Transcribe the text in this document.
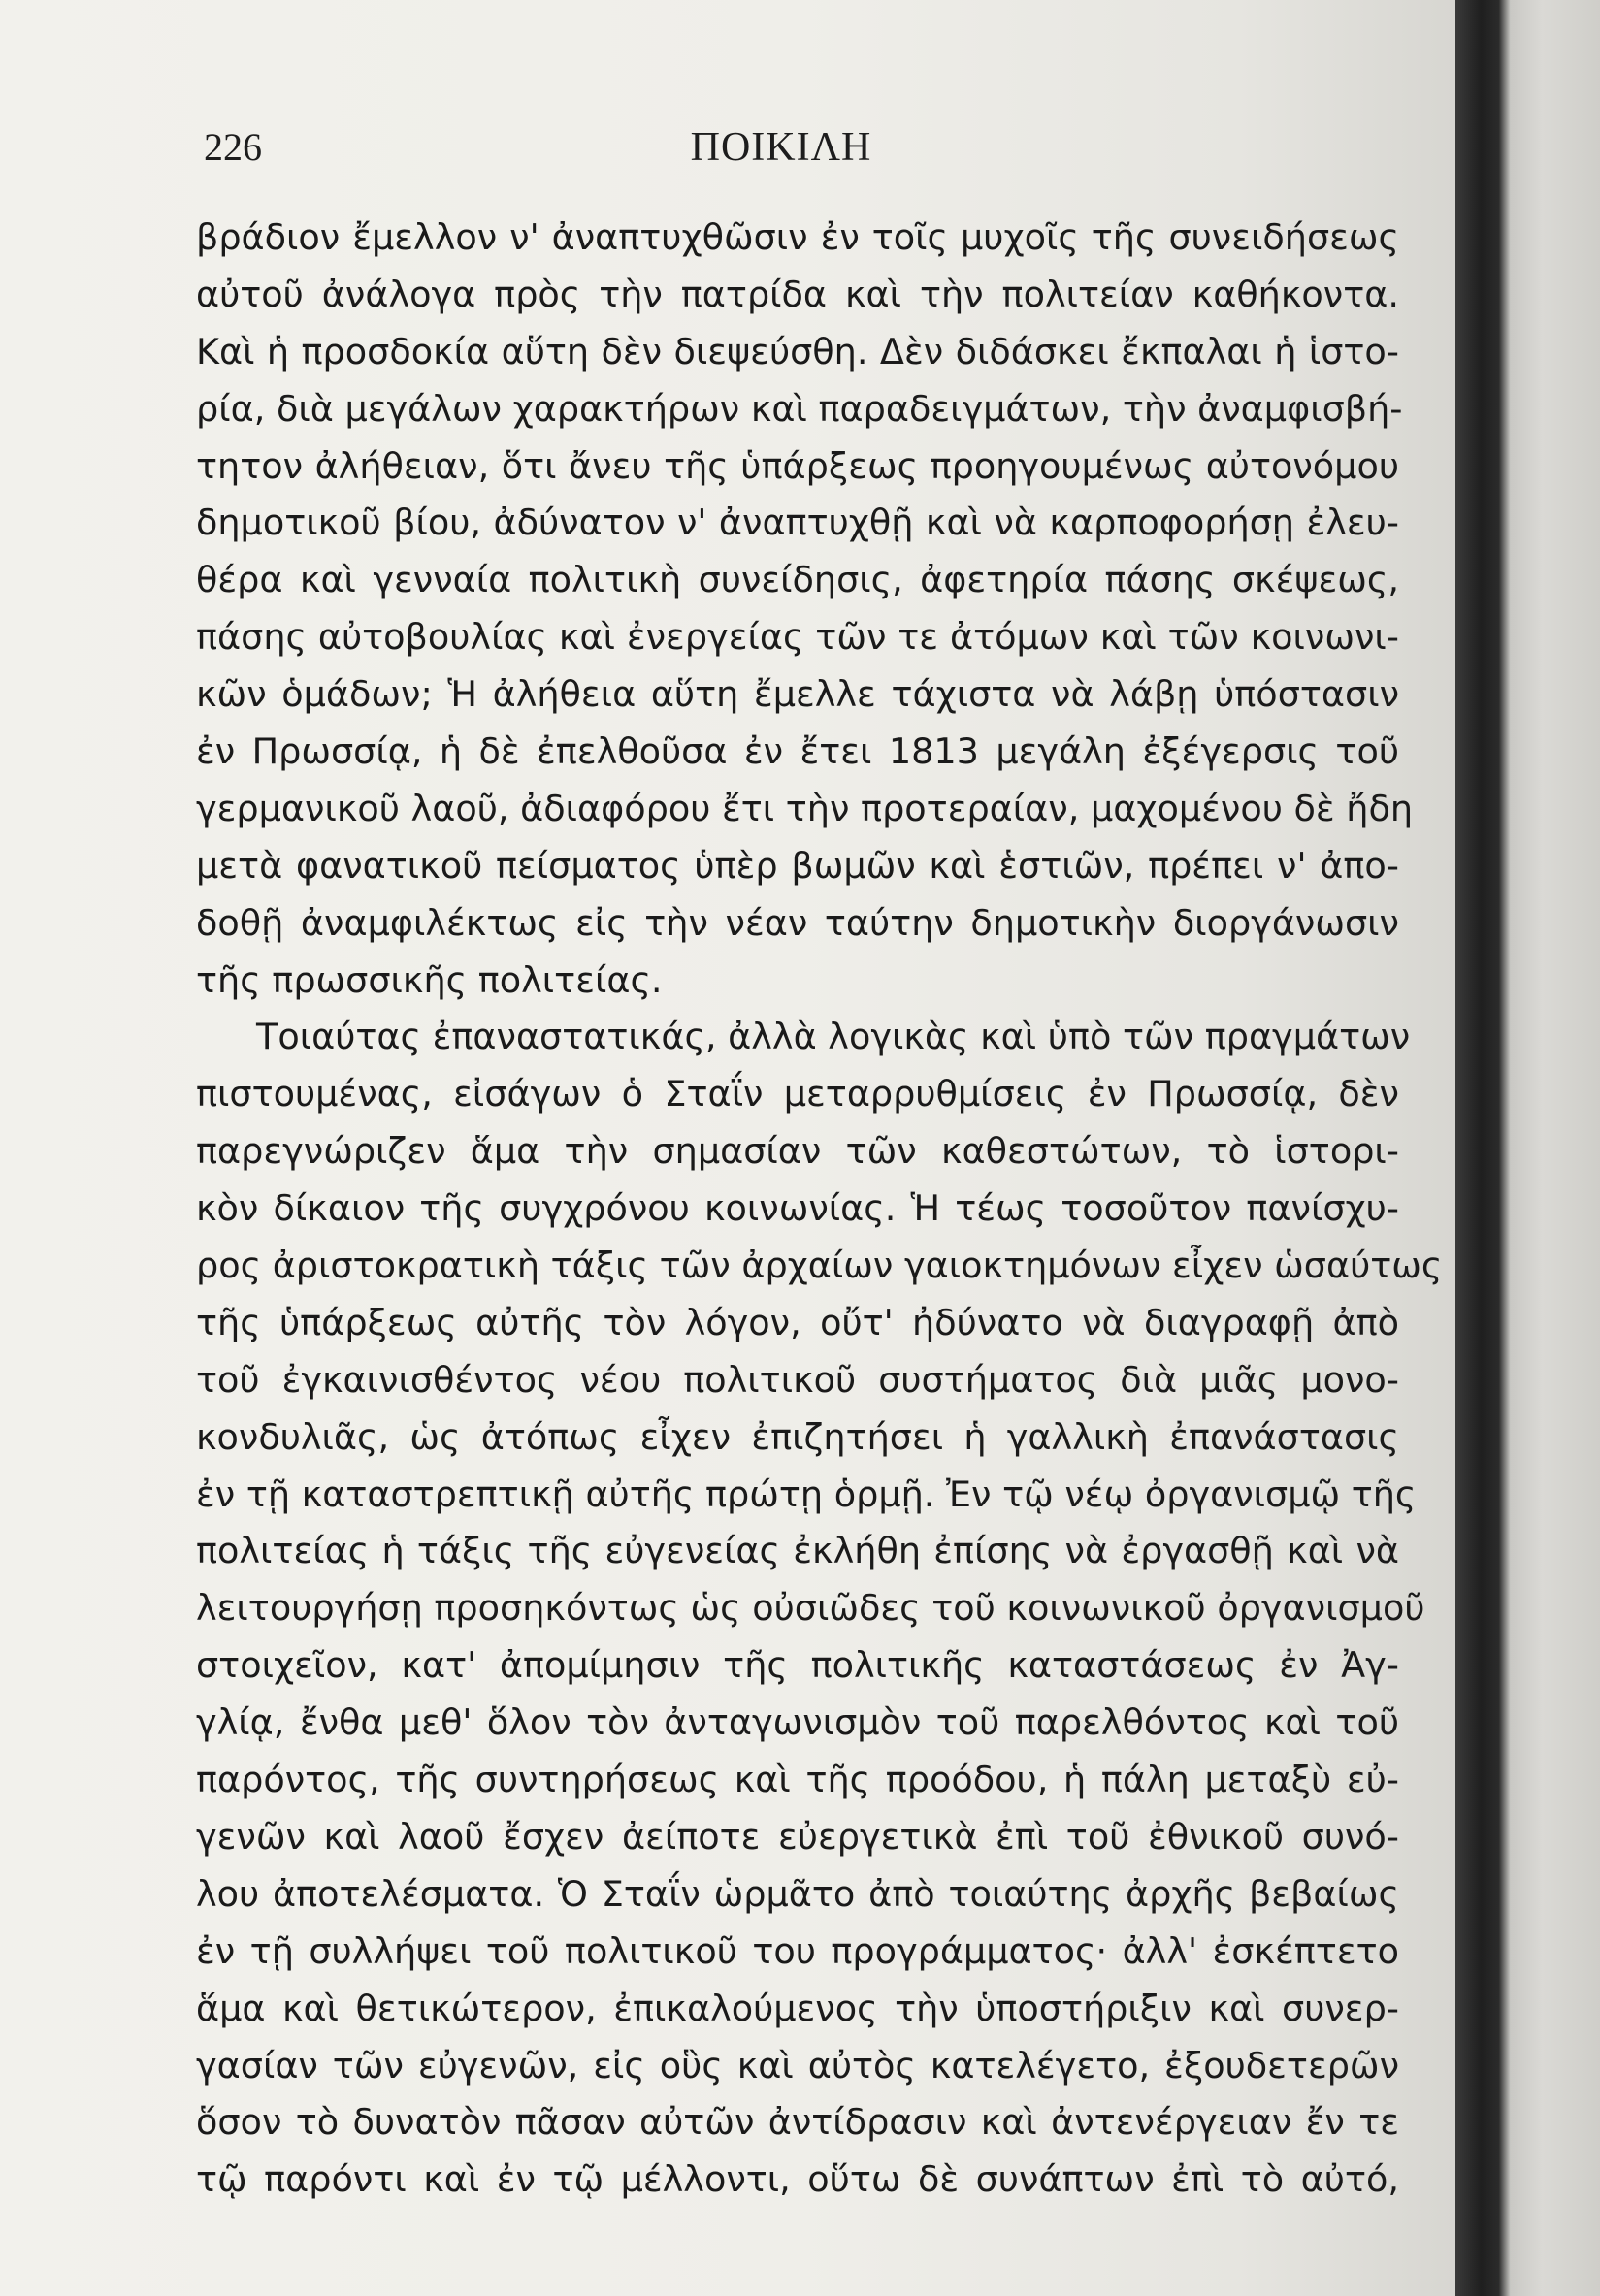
226	ΠΟΙΚΙΛΗ
βράδιον ἔμελλον ν' ἀναπτυχθῶσιν ἐν τοῖς μυχοῖς τῆς συνειδήσεως
αὐτοῦ ἀνάλογα πρὸς τὴν πατρίδα καὶ τὴν πολιτείαν καθήκοντα.
Καὶ ἡ προσδοκία αὕτη δὲν διεψεύσθη. Δὲν διδάσκει ἔκπαλαι ἡ ἱστο-
ρία, διὰ μεγάλων χαρακτήρων καὶ παραδειγμάτων, τὴν ἀναμφισβή-
τητον ἀλήθειαν, ὅτι ἄνευ τῆς ὑπάρξεως προηγουμένως αὐτονόμου
δημοτικοῦ βίου, ἀδύνατον ν' ἀναπτυχθῇ καὶ νὰ καρποφορήσῃ ἐλευ-
θέρα καὶ γενναία πολιτικὴ συνείδησις, ἀφετηρία πάσης σκέψεως,
πάσης αὐτοβουλίας καὶ ἐνεργείας τῶν τε ἀτόμων καὶ τῶν κοινωνι-
κῶν ὁμάδων; Ἡ ἀλήθεια αὕτη ἔμελλε τάχιστα νὰ λάβῃ ὑπόστασιν
ἐν Πρωσσίᾳ, ἡ δὲ ἐπελθοῦσα ἐν ἔτει 1813 μεγάλη ἐξέγερσις τοῦ
γερμανικοῦ λαοῦ, ἀδιαφόρου ἔτι τὴν προτεραίαν, μαχομένου δὲ ἤδη
μετὰ φανατικοῦ πείσματος ὑπὲρ βωμῶν καὶ ἑστιῶν, πρέπει ν' ἀπο-
δοθῇ ἀναμφιλέκτως εἰς τὴν νέαν ταύτην δημοτικὴν διοργάνωσιν
τῆς πρωσσικῆς πολιτείας.
Τοιαύτας ἐπαναστατικάς, ἀλλὰ λογικὰς καὶ ὑπὸ τῶν πραγμάτων
πιστουμένας, εἰσάγων ὁ Σταΐν μεταρρυθμίσεις ἐν Πρωσσίᾳ, δὲν
παρεγνώριζεν ἅμα τὴν σημασίαν τῶν καθεστώτων, τὸ ἱστορι-
κὸν δίκαιον τῆς συγχρόνου κοινωνίας. Ἡ τέως τοσοῦτον πανίσχυ-
ρος ἀριστοκρατικὴ τάξις τῶν ἀρχαίων γαιοκτημόνων εἶχεν ὡσαύτως
τῆς ὑπάρξεως αὐτῆς τὸν λόγον, οὔτ' ἠδύνατο νὰ διαγραφῇ ἀπὸ
τοῦ ἐγκαινισθέντος νέου πολιτικοῦ συστήματος διὰ μιᾶς μονο-
κονδυλιᾶς, ὡς ἀτόπως εἶχεν ἐπιζητήσει ἡ γαλλικὴ ἐπανάστασις
ἐν τῇ καταστρεπτικῇ αὐτῆς πρώτῃ ὁρμῇ. Ἐν τῷ νέῳ ὀργανισμῷ τῆς
πολιτείας ἡ τάξις τῆς εὐγενείας ἐκλήθη ἐπίσης νὰ ἐργασθῇ καὶ νὰ
λειτουργήσῃ προσηκόντως ὡς οὐσιῶδες τοῦ κοινωνικοῦ ὀργανισμοῦ
στοιχεῖον, κατ' ἀπομίμησιν τῆς πολιτικῆς καταστάσεως ἐν Ἀγ-
γλίᾳ, ἔνθα μεθ' ὅλον τὸν ἀνταγωνισμὸν τοῦ παρελθόντος καὶ τοῦ
παρόντος, τῆς συντηρήσεως καὶ τῆς προόδου, ἡ πάλη μεταξὺ εὐ-
γενῶν καὶ λαοῦ ἔσχεν ἀείποτε εὐεργετικὰ ἐπὶ τοῦ ἐθνικοῦ συνό-
λου ἀποτελέσματα. Ὁ Σταΐν ὡρμᾶτο ἀπὸ τοιαύτης ἀρχῆς βεβαίως
ἐν τῇ συλλήψει τοῦ πολιτικοῦ του προγράμματος· ἀλλ' ἐσκέπτετο
ἅμα καὶ θετικώτερον, ἐπικαλούμενος τὴν ὑποστήριξιν καὶ συνερ-
γασίαν τῶν εὐγενῶν, εἰς οὓς καὶ αὐτὸς κατελέγετο, ἐξουδετερῶν
ὅσον τὸ δυνατὸν πᾶσαν αὐτῶν ἀντίδρασιν καὶ ἀντενέργειαν ἔν τε
τῷ παρόντι καὶ ἐν τῷ μέλλοντι, οὕτω δὲ συνάπτων ἐπὶ τὸ αὐτό,
